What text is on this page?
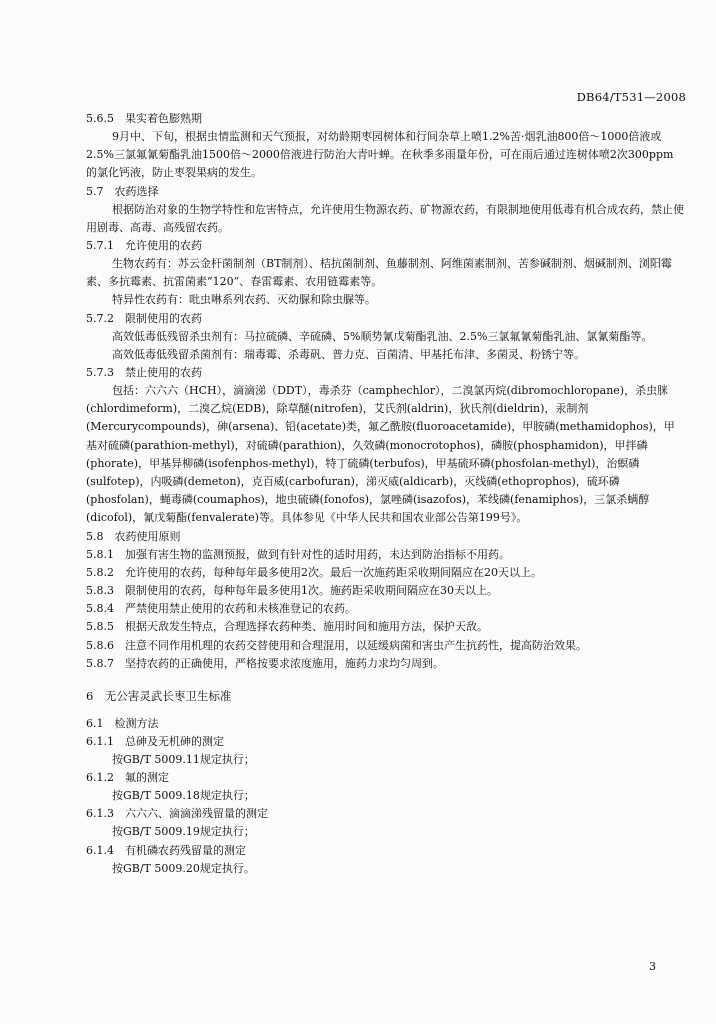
DB64/T531—2008
5.6.5　果实着色膨熟期
9月中、下旬，根据虫情监测和天气预报，对幼龄期枣园树体和行间杂草上喷1.2%苦·烟乳油800倍～1000倍液或2.5%三氯氟氰菊酯乳油1500倍～2000倍液进行防治大青叶蝉。在秋季多雨量年份，可在雨后通过连树体喷2次300ppm的氯化钙液，防止枣裂果病的发生。
5.7　农药选择
根据防治对象的生物学特性和危害特点，允许使用生物源农药、矿物源农药，有限制地使用低毒有机合成农药，禁止使用剧毒、高毒、高残留农药。
5.7.1　允许使用的农药
生物农药有：苏云金杆菌制剂（BT制剂）、桔抗菌制剂、鱼藤制剂、阿维菌素制剂、苦参碱制剂、烟碱制剂、浏阳霉素、多抗霉素、抗雷菌素“120”、春雷霉素、农用链霉素等。
特异性农药有：吡虫啉系列农药、灭幼脲和除虫脲等。
5.7.2　限制使用的农药
高效低毒低残留杀虫剂有：马拉硫磷、辛硫磷、5%顺势氰戊菊酯乳油、2.5%三氯氟氰菊酯乳油、氯氰菊酯等。
高效低毒低残留杀菌剂有：瑞毒霉、杀毒矾、普力克、百菌清、甲基托布津、多菌灵、粉锈宁等。
5.7.3　禁止使用的农药
包括：六六六（HCH），滴滴涕（DDT），毒杀芬（camphechlor），二溴氯丙烷(dibromochloropane)，杀虫脒(chlordimeform)，二溴乙烷(EDB)，除草醚(nitrofen)，艾氏剂(aldrin)，狄氏剂(dieldrin)，汞制剂(Mercurycompounds)，砷(arsena)、铅(acetate)类，氟乙酰胺(fluoroacetamide)，甲胺磷(methamidophos)，甲基对硫磷(parathion-methyl)，对硫磷(parathion)，久效磷(monocrotophos)，磷胺(phosphamidon)，甲拌磷(phorate)，甲基异柳磷(isofenphos-methyl)，特丁硫磷(terbufos)，甲基硫环磷(phosfolan-methyl)，治螟磷(sulfotep)，内吸磷(demeton)，克百威(carbofuran)，涕灭威(aldicarb)，灭线磷(ethoprophos)，硫环磷(phosfolan)，蝇毒磷(coumaphos)，地虫硫磷(fonofos)，氯唑磷(isazofos)，苯线磷(fenamiphos)，三氯杀螨醇(dicofol)，氰戊菊酯(fenvalerate)等。具体参见《中华人民共和国农业部公告第199号》。
5.8　农药使用原则
5.8.1　加强有害生物的监测预报，做到有针对性的适时用药，未达到防治指标不用药。
5.8.2　允许使用的农药，每种每年最多使用2次。最后一次施药距采收期间隔应在20天以上。
5.8.3　限制使用的农药，每种每年最多使用1次。施药距采收期间隔应在30天以上。
5.8.4　严禁使用禁止使用的农药和未核准登记的农药。
5.8.5　根据天敌发生特点，合理选择农药种类、施用时间和施用方法，保护天敌。
5.8.6　注意不同作用机理的农药交替使用和合理混用，以延缓病菌和害虫产生抗药性，提高防治效果。
5.8.7　坚持农药的正确使用，严格按要求浓度施用，施药力求均匀周到。
6　无公害灵武长枣卫生标准
6.1　检测方法
6.1.1　总砷及无机砷的测定
按GB/T 5009.11规定执行；
6.1.2　氟的测定
按GB/T 5009.18规定执行；
6.1.3　六六六、滴滴涕残留量的测定
按GB/T 5009.19规定执行；
6.1.4　有机磷农药残留量的测定
按GB/T 5009.20规定执行。
3
